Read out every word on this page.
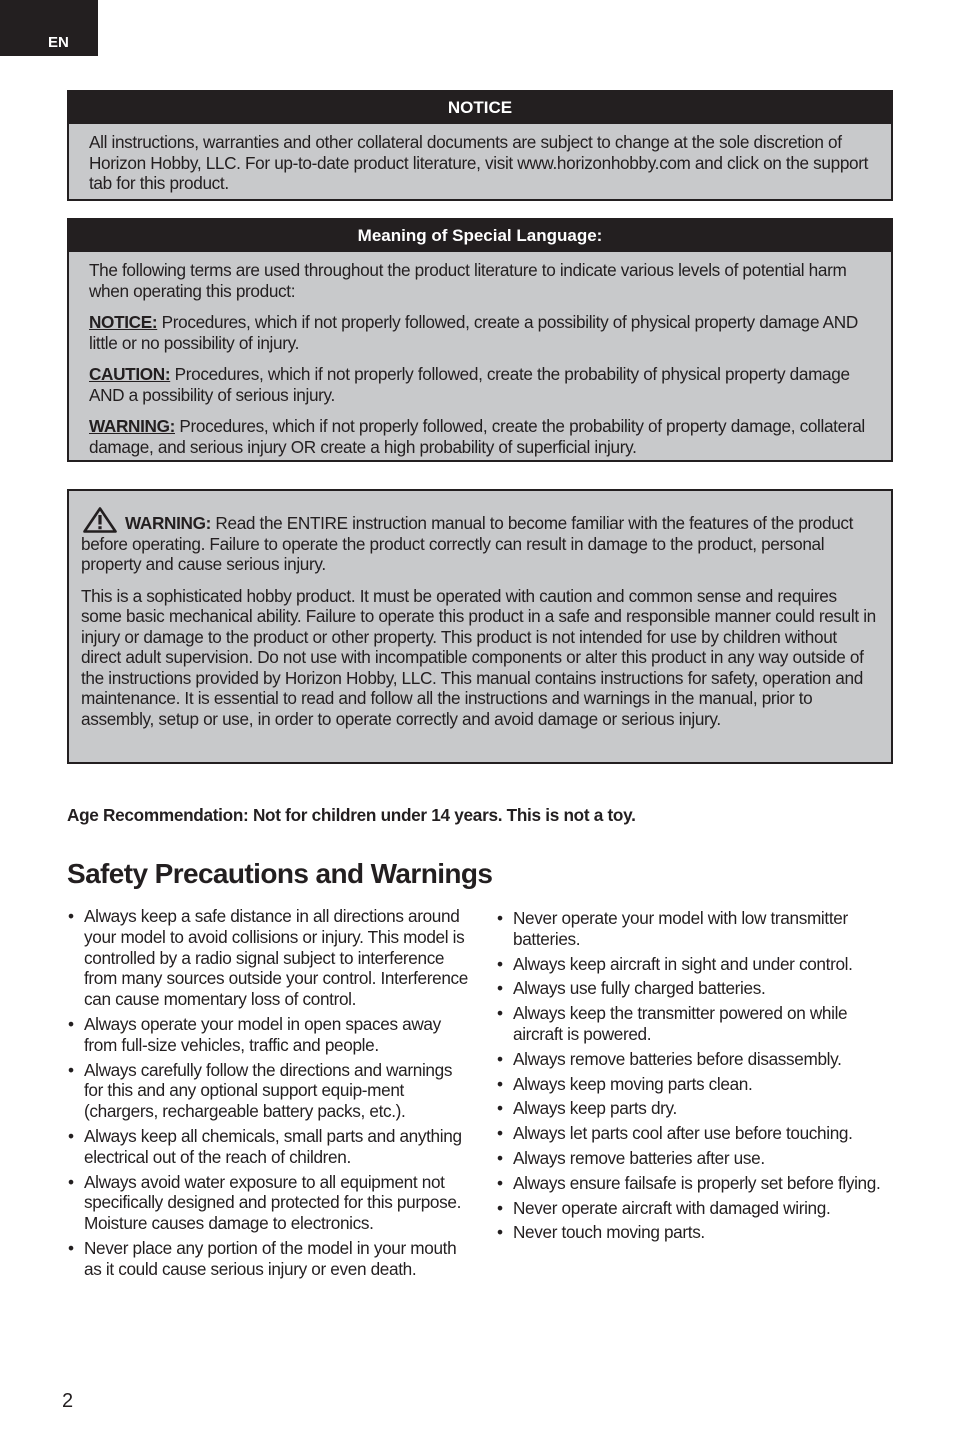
EN
NOTICE

All instructions, warranties and other collateral documents are subject to change at the sole discretion of Horizon Hobby, LLC. For up-to-date product literature, visit www.horizonhobby.com and click on the support tab for this product.

Meaning of Special Language:

The following terms are used throughout the product literature to indicate various levels of potential harm when operating this product:

NOTICE: Procedures, which if not properly followed, create a possibility of physical property damage AND little or no possibility of injury.

CAUTION: Procedures, which if not properly followed, create the probability of physical property damage AND a possibility of serious injury.

WARNING: Procedures, which if not properly followed, create the probability of property damage, collateral damage, and serious injury OR create a high probability of superficial injury.

WARNING: Read the ENTIRE instruction manual to become familiar with the features of the product before operating. Failure to operate the product correctly can result in damage to the product, personal property and cause serious injury.

This is a sophisticated hobby product. It must be operated with caution and common sense and requires some basic mechanical ability. Failure to operate this product in a safe and responsible manner could result in injury or damage to the product or other property. This product is not intended for use by children without direct adult supervision. Do not use with incompatible components or alter this product in any way outside of the instructions provided by Horizon Hobby, LLC. This manual contains instructions for safety, operation and maintenance. It is essential to read and follow all the instructions and warnings in the manual, prior to assembly, setup or use, in order to operate correctly and avoid damage or serious injury.

Age Recommendation: Not for children under 14 years. This is not a toy.
Safety Precautions and Warnings
• Always keep a safe distance in all directions around your model to avoid collisions or injury. This model is controlled by a radio signal subject to interference from many sources outside your control. Interference can cause momentary loss of control.
• Always operate your model in open spaces away from full-size vehicles, traffic and people.
• Always carefully follow the directions and warnings for this and any optional support equip-ment (chargers, rechargeable battery packs, etc.).
• Always keep all chemicals, small parts and anything electrical out of the reach of children.
• Always avoid water exposure to all equipment not specifically designed and protected for this purpose. Moisture causes damage to electronics.
• Never place any portion of the model in your mouth as it could cause serious injury or even death.
• Never operate your model with low transmitter batteries.
• Always keep aircraft in sight and under control.
• Always use fully charged batteries.
• Always keep the transmitter powered on while aircraft is powered.
• Always remove batteries before disassembly.
• Always keep moving parts clean.
• Always keep parts dry.
• Always let parts cool after use before touching.
• Always remove batteries after use.
• Always ensure failsafe is properly set before flying.
• Never operate aircraft with damaged wiring.
• Never touch moving parts.
2
